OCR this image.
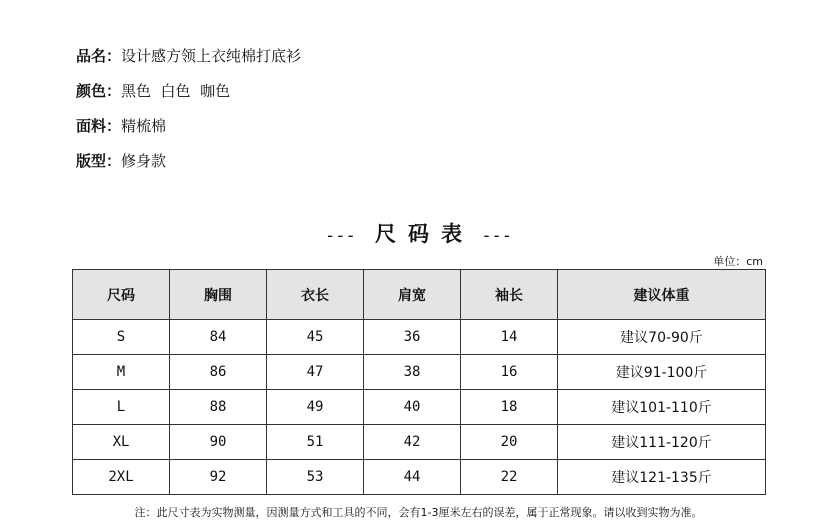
品名：设计感方领上衣纯棉打底衫
颜色：黑色  白色  咖色
面料：精梳棉
版型：修身款
--- 尺码表 ---
单位：cm
尺码	胸围	衣长	肩宽	袖长	建议体重
S	84	45	36	14	建议70-90斤
M	86	47	38	16	建议91-100斤
L	88	49	40	18	建议101-110斤
XL	90	51	42	20	建议111-120斤
2XL	92	53	44	22	建议121-135斤
注：此尺寸表为实物测量，因测量方式和工具的不同，会有1-3厘米左右的误差，属于正常现象。请以收到实物为准。
